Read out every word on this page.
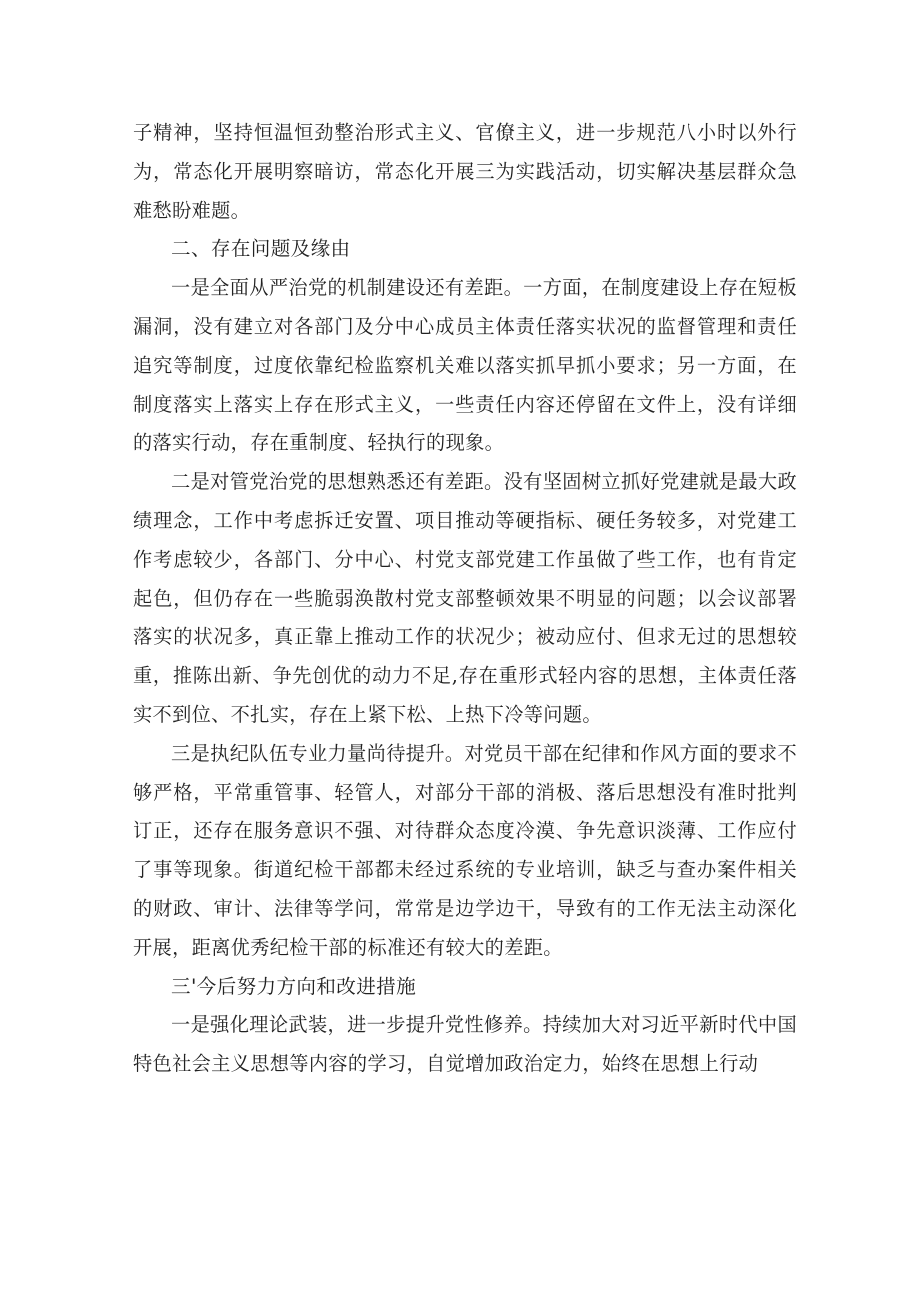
子精神，坚持恒温恒劲整治形式主义、官僚主义，进一步规范八小时以外行为，常态化开展明察暗访，常态化开展三为实践活动，切实解决基层群众急难愁盼难题。

二、存在问题及缘由

一是全面从严治党的机制建设还有差距。一方面，在制度建设上存在短板漏洞，没有建立对各部门及分中心成员主体责任落实状况的监督管理和责任追究等制度，过度依靠纪检监察机关难以落实抓早抓小要求；另一方面，在制度落实上落实上存在形式主义，一些责任内容还停留在文件上，没有详细的落实行动，存在重制度、轻执行的现象。

二是对管党治党的思想熟悉还有差距。没有坚固树立抓好党建就是最大政绩理念，工作中考虑拆迁安置、项目推动等硬指标、硬任务较多，对党建工作考虑较少，各部门、分中心、村党支部党建工作虽做了些工作，也有肯定起色，但仍存在一些脆弱涣散村党支部整顿效果不明显的问题；以会议部署落实的状况多，真正靠上推动工作的状况少；被动应付、但求无过的思想较重，推陈出新、争先创优的动力不足,存在重形式轻内容的思想，主体责任落实不到位、不扎实，存在上紧下松、上热下冷等问题。

三是执纪队伍专业力量尚待提升。对党员干部在纪律和作风方面的要求不够严格，平常重管事、轻管人，对部分干部的消极、落后思想没有准时批判订正，还存在服务意识不强、对待群众态度冷漠、争先意识淡薄、工作应付了事等现象。街道纪检干部都未经过系统的专业培训，缺乏与查办案件相关的财政、审计、法律等学问，常常是边学边干，导致有的工作无法主动深化开展，距离优秀纪检干部的标准还有较大的差距。

三'今后努力方向和改进措施

一是强化理论武装，进一步提升党性修养。持续加大对习近平新时代中国特色社会主义思想等内容的学习，自觉增加政治定力，始终在思想上行动
